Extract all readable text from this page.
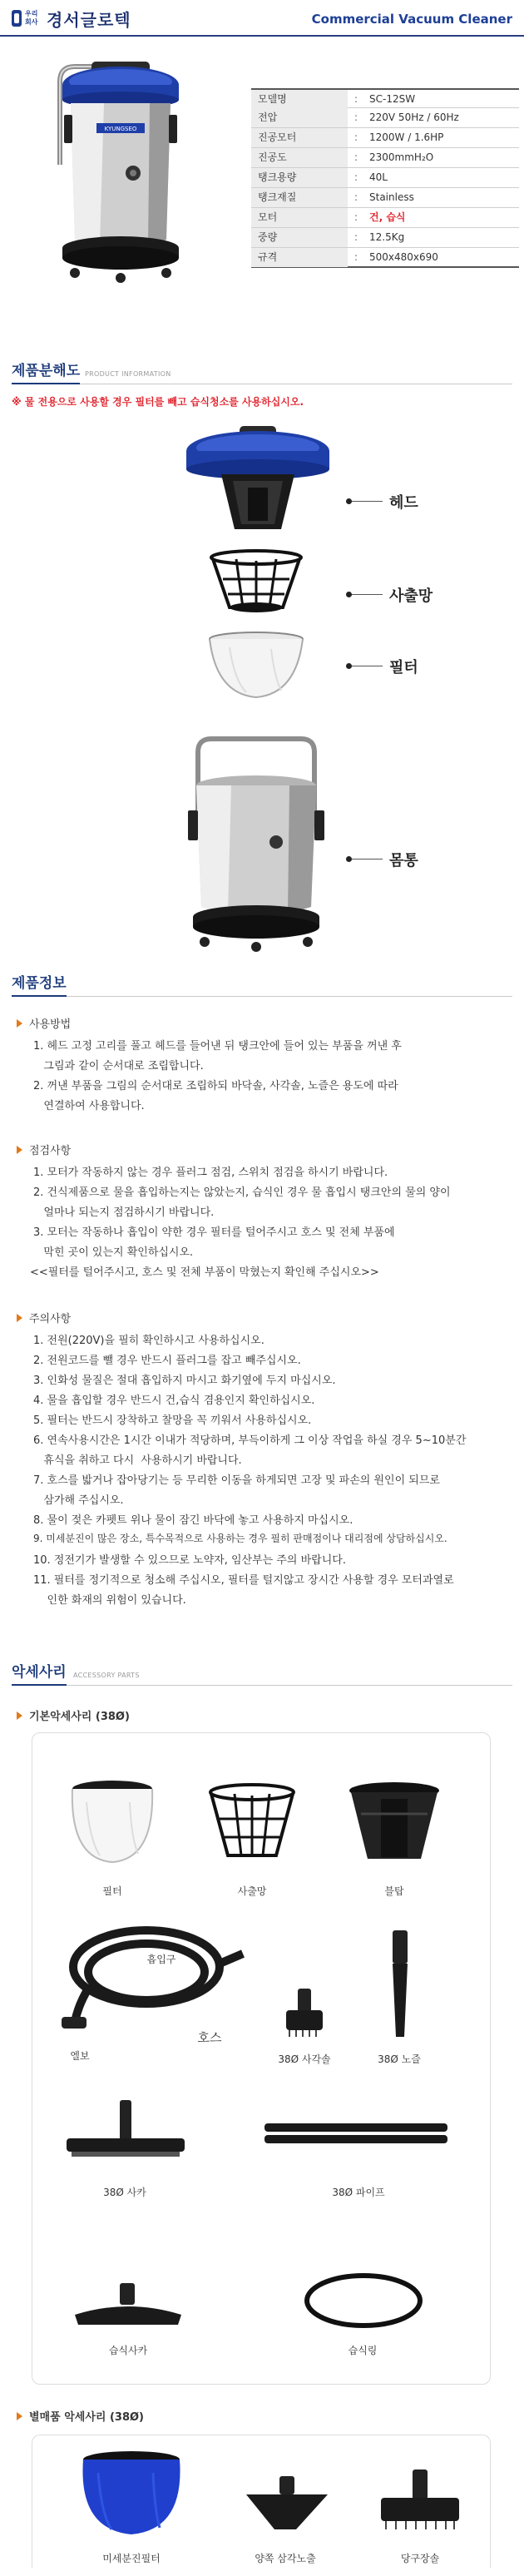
우리
회사 경서글로텍	Commercial Vacuum Cleaner
KYUNGSEO
모델명	: SC-12SW
전압	: 220V 50Hz / 60Hz
진공모터	: 1200W / 1.6HP
진공도	: 2300mmH₂O
탱크용량	: 40L
탱크재질	: Stainless
모터	: 건, 습식
중량	: 12.5Kg
규격	: 500x480x690
제품분해도 PRODUCT INFORMATION
※ 물 전용으로 사용할 경우 필터를 빼고 습식청소를 사용하십시오.
헤드
사출망
필터
몸통
제품정보
사용방법
1. 헤드 고정 고리를 풀고 헤드를 들어낸 뒤 탱크안에 들어 있는 부품을 꺼낸 후
그림과 같이 순서대로 조립합니다.
2. 꺼낸 부품을 그림의 순서대로 조립하되 바닥솔, 사각솔, 노즐은 용도에 따라
연결하여 사용합니다.
점검사항
1. 모터가 작동하지 않는 경우 플러그 점검, 스위치 점검을 하시기 바랍니다.
2. 건식제품으로 물을 흡입하는지는 않았는지, 습식인 경우 물 흡입시 탱크안의 물의 양이
얼마나 되는지 점검하시기 바랍니다.
3. 모터는 작동하나 흡입이 약한 경우 필터를 털어주시고 호스 및 전체 부품에
막힌 곳이 있는지 확인하십시오.
<<필터를 털어주시고, 호스 및 전체 부품이 막혔는지 확인해 주십시오>>
주의사항
1. 전원(220V)을 필히 확인하시고 사용하십시오.
2. 전원코드를 뺄 경우 반드시 플러그를 잡고 빼주십시오.
3. 인화성 물질은 절대 흡입하지 마시고 화기옆에 두지 마십시오.
4. 물을 흡입할 경우 반드시 건,습식 겸용인지 확인하십시오.
5. 필터는 반드시 장착하고 찰망을 꼭 끼워서 사용하십시오.
6. 연속사용시간은 1시간 이내가 적당하며, 부득이하게 그 이상 작업을 하실 경우 5~10분간
휴식을 취하고 다시  사용하시기 바랍니다.
7. 호스를 밟거나 잡아당기는 등 무리한 이동을 하게되면 고장 및 파손의 원인이 되므로
삼가해 주십시오.
8. 물이 젖은 카펫트 위나 물이 잠긴 바닥에 놓고 사용하지 마십시오.
9. 미세분진이 많은 장소, 특수목적으로 사용하는 경우 필히 판매점이나 대리점에 상담하십시오.
10. 정전기가 발생할 수 있으므로 노약자, 임산부는 주의 바랍니다.
11. 필터를 정기적으로 청소해 주십시오, 필터를 털지않고 장시간 사용할 경우 모터과열로
인한 화재의 위험이 있습니다.
악세사리 ACCESSORY PARTS
기본악세사리 (38Ø)
필터	사출망	블탑
흡입구
호스
엘보	38Ø 사각솔	38Ø 노즐
38Ø 사카	38Ø 파이프
습식사카	습식링
별매품 악세사리 (38Ø)
미세분진필터	양쪽 삼각노출	당구장솔
